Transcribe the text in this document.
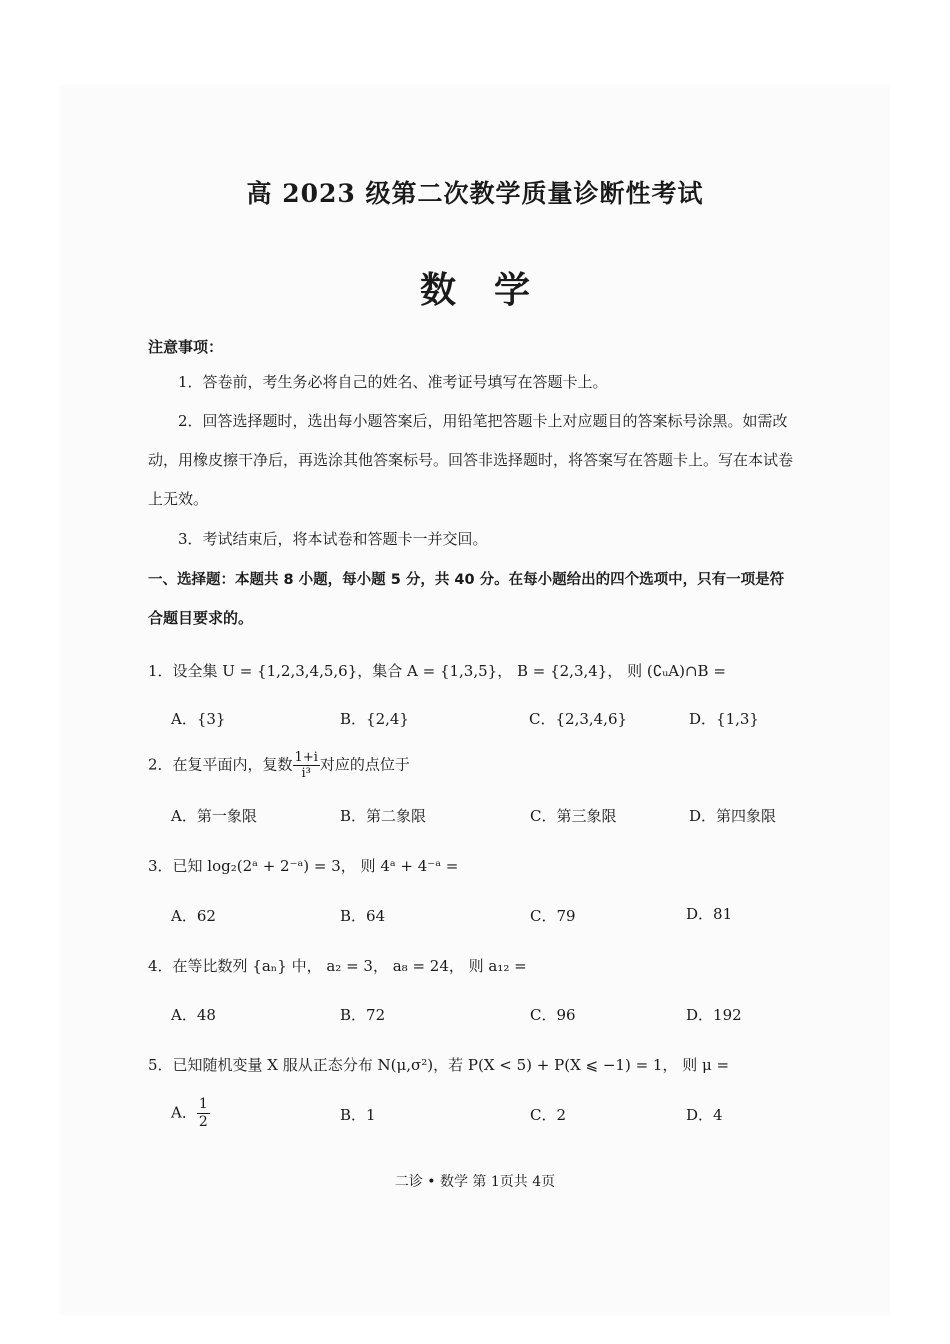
高 2023 级第二次教学质量诊断性考试
数学
注意事项：
1．答卷前，考生务必将自己的姓名、准考证号填写在答题卡上。
2．回答选择题时，选出每小题答案后，用铅笔把答题卡上对应题目的答案标号涂黑。如需改
动，用橡皮擦干净后，再选涂其他答案标号。回答非选择题时，将答案写在答题卡上。写在本试卷
上无效。
3．考试结束后，将本试卷和答题卡一并交回。
一、选择题：本题共 8 小题，每小题 5 分，共 40 分。在每小题给出的四个选项中，只有一项是符
合题目要求的。
1．设全集 U = {1,2,3,4,5,6}，集合 A = {1,3,5}， B = {2,3,4}， 则 (∁ᵤA)∩B =
A．{3}	B．{2,4}	C．{2,3,4,6}	D．{1,3}
2．在复平面内，复数 $\frac{1+i}{\text{i³}}$ 对应的点位于
A．第一象限	B．第二象限	C．第三象限	D．第四象限
3．已知 log₂(2ᵃ + 2⁻ᵃ) = 3， 则 4ᵃ + 4⁻ᵃ =
A．62	B．64	C．79	D．81
4．在等比数列 {aₙ} 中， a₂ = 3， a₈ = 24， 则 a₁₂ =
A．48	B．72	C．96	D．192
5．已知随机变量 X 服从正态分布 N(μ,σ²)，若 P(X < 5) + P(X ⩽ −1) = 1， 则 μ =
A． $\frac{1}{2}$	B．1	C．2	D．4
二诊 • 数学 第 1页共 4页
